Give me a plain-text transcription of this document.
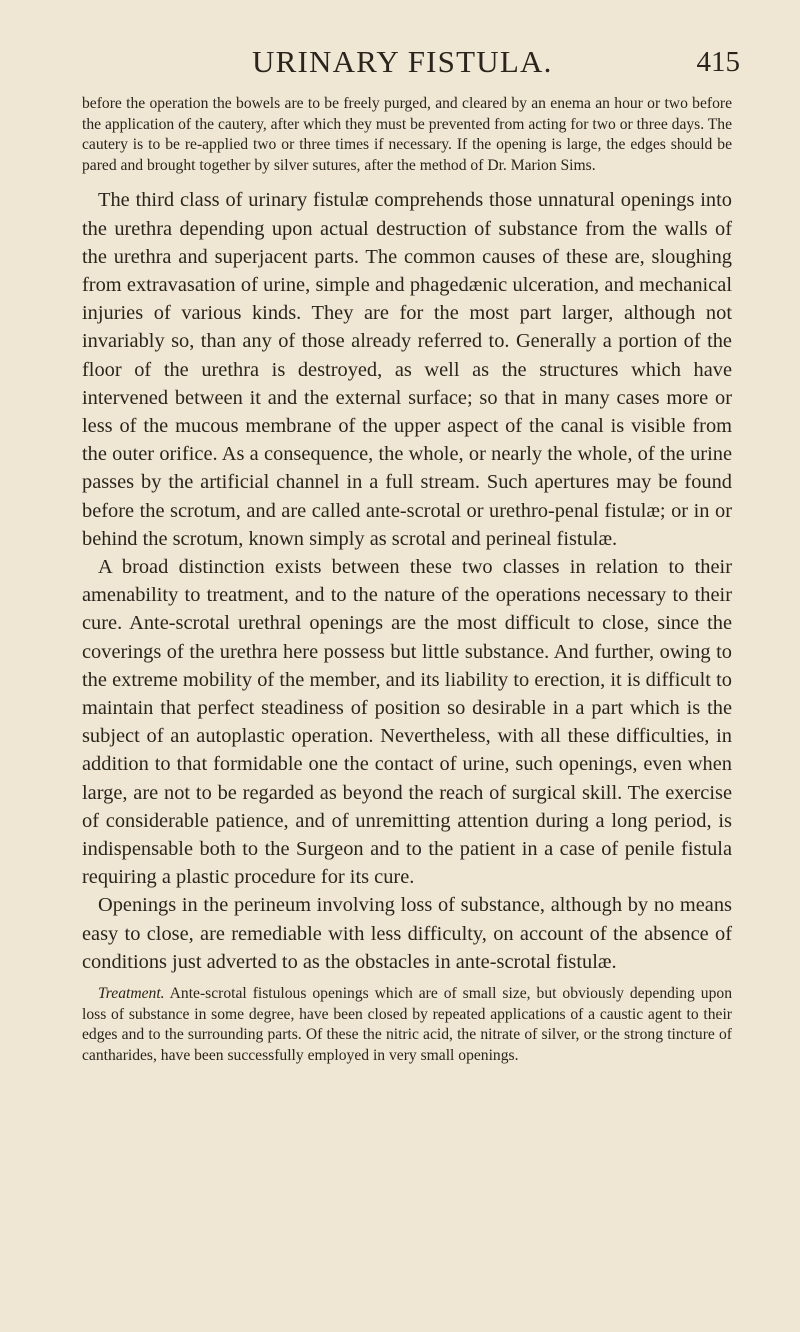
URINARY FISTULA.	415

before the operation the bowels are to be freely purged, and cleared by an enema an hour or two before the application of the cautery, after which they must be prevented from acting for two or three days. The cautery is to be re-applied two or three times if necessary. If the opening is large, the edges should be pared and brought together by silver sutures, after the method of Dr. Marion Sims.

The third class of urinary fistulæ comprehends those unnatural openings into the urethra depending upon actual destruction of substance from the walls of the urethra and superjacent parts. The common causes of these are, sloughing from extravasation of urine, simple and phagedænic ulceration, and mechanical injuries of various kinds. They are for the most part larger, although not invariably so, than any of those already referred to. Generally a portion of the floor of the urethra is destroyed, as well as the structures which have intervened between it and the external surface; so that in many cases more or less of the mucous membrane of the upper aspect of the canal is visible from the outer orifice. As a consequence, the whole, or nearly the whole, of the urine passes by the artificial channel in a full stream. Such apertures may be found before the scrotum, and are called ante-scrotal or urethro-penal fistulæ; or in or behind the scrotum, known simply as scrotal and perineal fistulæ.

A broad distinction exists between these two classes in relation to their amenability to treatment, and to the nature of the operations necessary to their cure. Ante-scrotal urethral openings are the most difficult to close, since the coverings of the urethra here possess but little substance. And further, owing to the extreme mobility of the member, and its liability to erection, it is difficult to maintain that perfect steadiness of position so desirable in a part which is the subject of an autoplastic operation. Nevertheless, with all these difficulties, in addition to that formidable one the contact of urine, such openings, even when large, are not to be regarded as beyond the reach of surgical skill. The exercise of considerable patience, and of unremitting attention during a long period, is indispensable both to the Surgeon and to the patient in a case of penile fistula requiring a plastic procedure for its cure.

Openings in the perineum involving loss of substance, although by no means easy to close, are remediable with less difficulty, on account of the absence of conditions just adverted to as the obstacles in ante-scrotal fistulæ.

Treatment. Ante-scrotal fistulous openings which are of small size, but obviously depending upon loss of substance in some degree, have been closed by repeated applications of a caustic agent to their edges and to the surrounding parts. Of these the nitric acid, the nitrate of silver, or the strong tincture of cantharides, have been successfully employed in very small openings.
